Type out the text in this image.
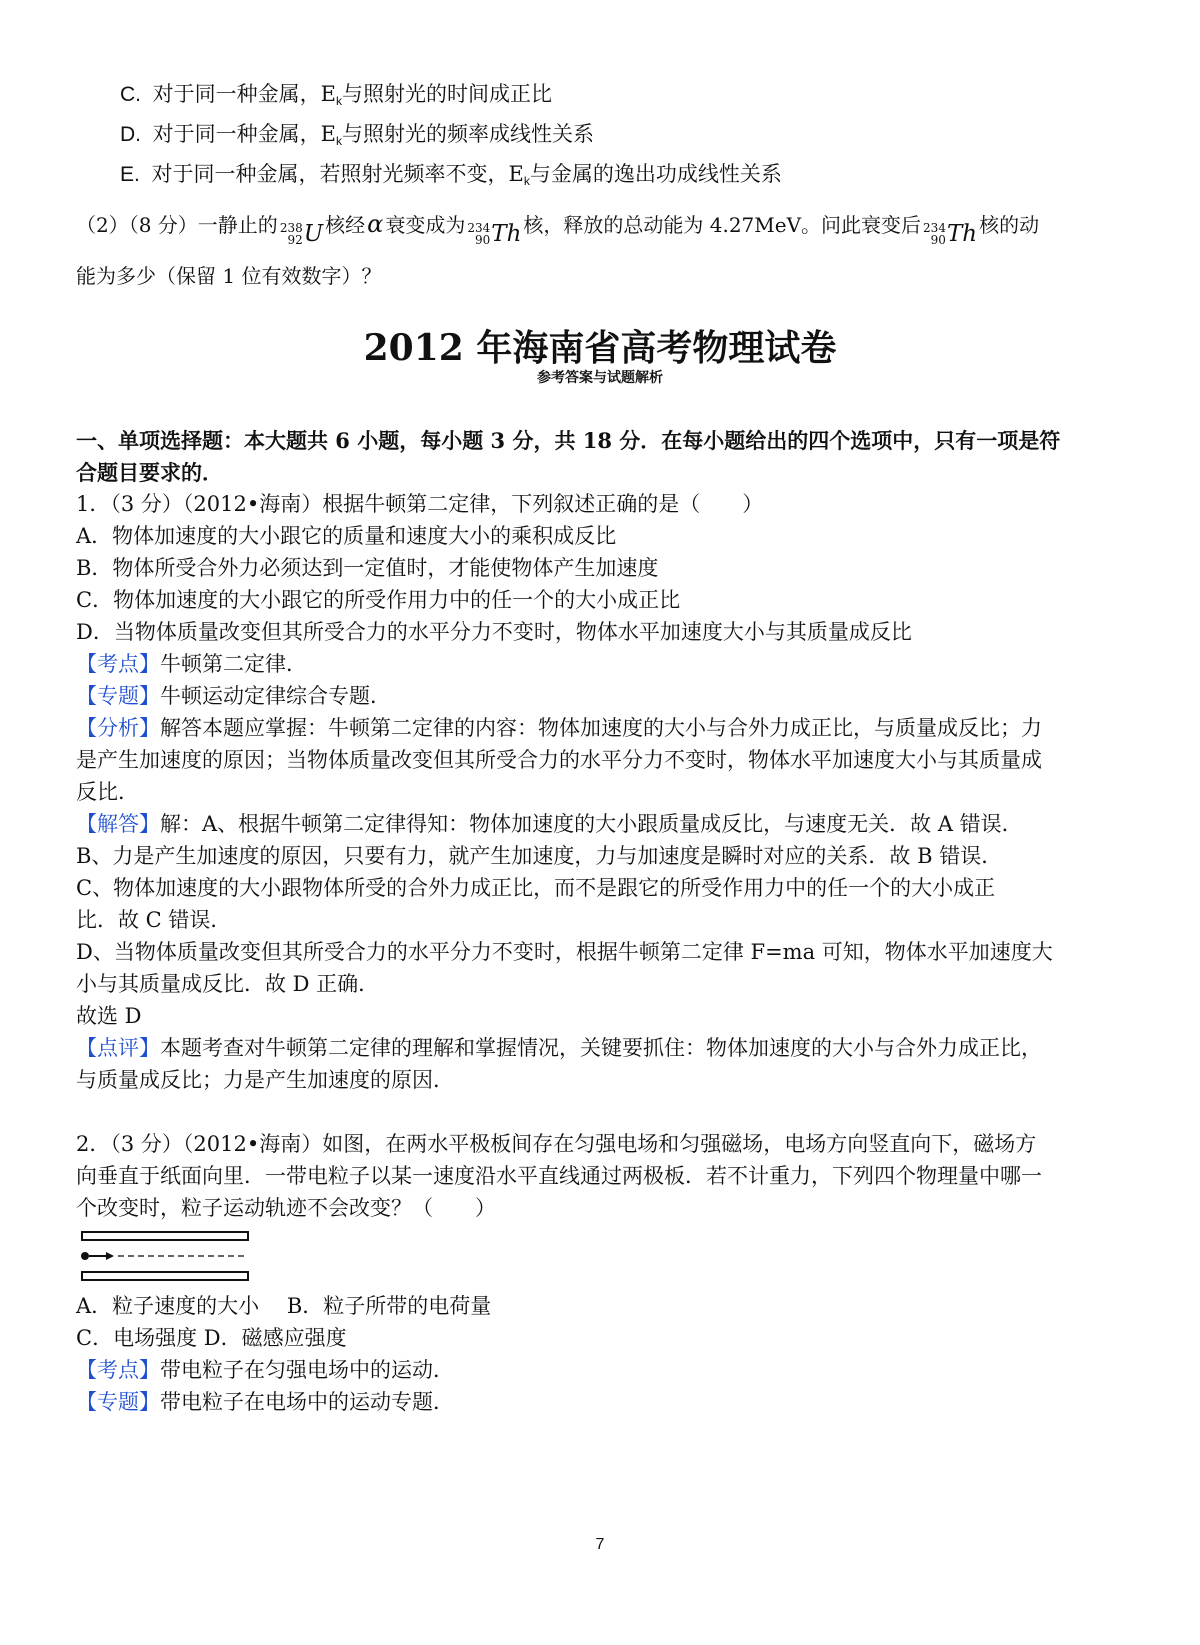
C. 对于同一种金属，$E_k$与照射光的时间成正比
D. 对于同一种金属，$E_k$与照射光的频率成线性关系
E. 对于同一种金属，若照射光频率不变，$E_k$与金属的逸出功成线性关系
（2）（8 分）一静止的 238
92 U 核经α 衰变成为 234
90 Th 核，释放的总动能为 4.27MeV。问此衰变后 234
90 Th 核的动
能为多少（保留 1 位有效数字）？
2012 年海南省高考物理试卷
参考答案与试题解析
一、单项选择题：本大题共 6 小题，每小题 3 分，共 18 分．在每小题给出的四个选项中，只有一项是符
合题目要求的．
1．（3 分）（2012•海南）根据牛顿第二定律，下列叙述正确的是（　　）
A．物体加速度的大小跟它的质量和速度大小的乘积成反比
B．物体所受合外力必须达到一定值时，才能使物体产生加速度
C．物体加速度的大小跟它的所受作用力中的任一个的大小成正比
D．当物体质量改变但其所受合力的水平分力不变时，物体水平加速度大小与其质量成反比
【考点】牛顿第二定律．
【专题】牛顿运动定律综合专题．
【分析】解答本题应掌握：牛顿第二定律的内容：物体加速度的大小与合外力成正比，与质量成反比；力
是产生加速度的原因；当物体质量改变但其所受合力的水平分力不变时，物体水平加速度大小与其质量成
反比．
【解答】解：A、根据牛顿第二定律得知：物体加速度的大小跟质量成反比，与速度无关．故 A 错误．
B、力是产生加速度的原因，只要有力，就产生加速度，力与加速度是瞬时对应的关系．故 B 错误．
C、物体加速度的大小跟物体所受的合外力成正比，而不是跟它的所受作用力中的任一个的大小成正
比．故 C 错误．
D、当物体质量改变但其所受合力的水平分力不变时，根据牛顿第二定律 F=ma 可知，物体水平加速度大
小与其质量成反比．故 D 正确．
故选 D
【点评】本题考查对牛顿第二定律的理解和掌握情况，关键要抓住：物体加速度的大小与合外力成正比，
与质量成反比；力是产生加速度的原因．
2．（3 分）（2012•海南）如图，在两水平极板间存在匀强电场和匀强磁场，电场方向竖直向下，磁场方
向垂直于纸面向里．一带电粒子以某一速度沿水平直线通过两极板．若不计重力，下列四个物理量中哪一
个改变时，粒子运动轨迹不会改变？（　　）
A．粒子速度的大小　 B．粒子所带的电荷量
C．电场强度 D．磁感应强度
【考点】带电粒子在匀强电场中的运动．
【专题】带电粒子在电场中的运动专题．
7
